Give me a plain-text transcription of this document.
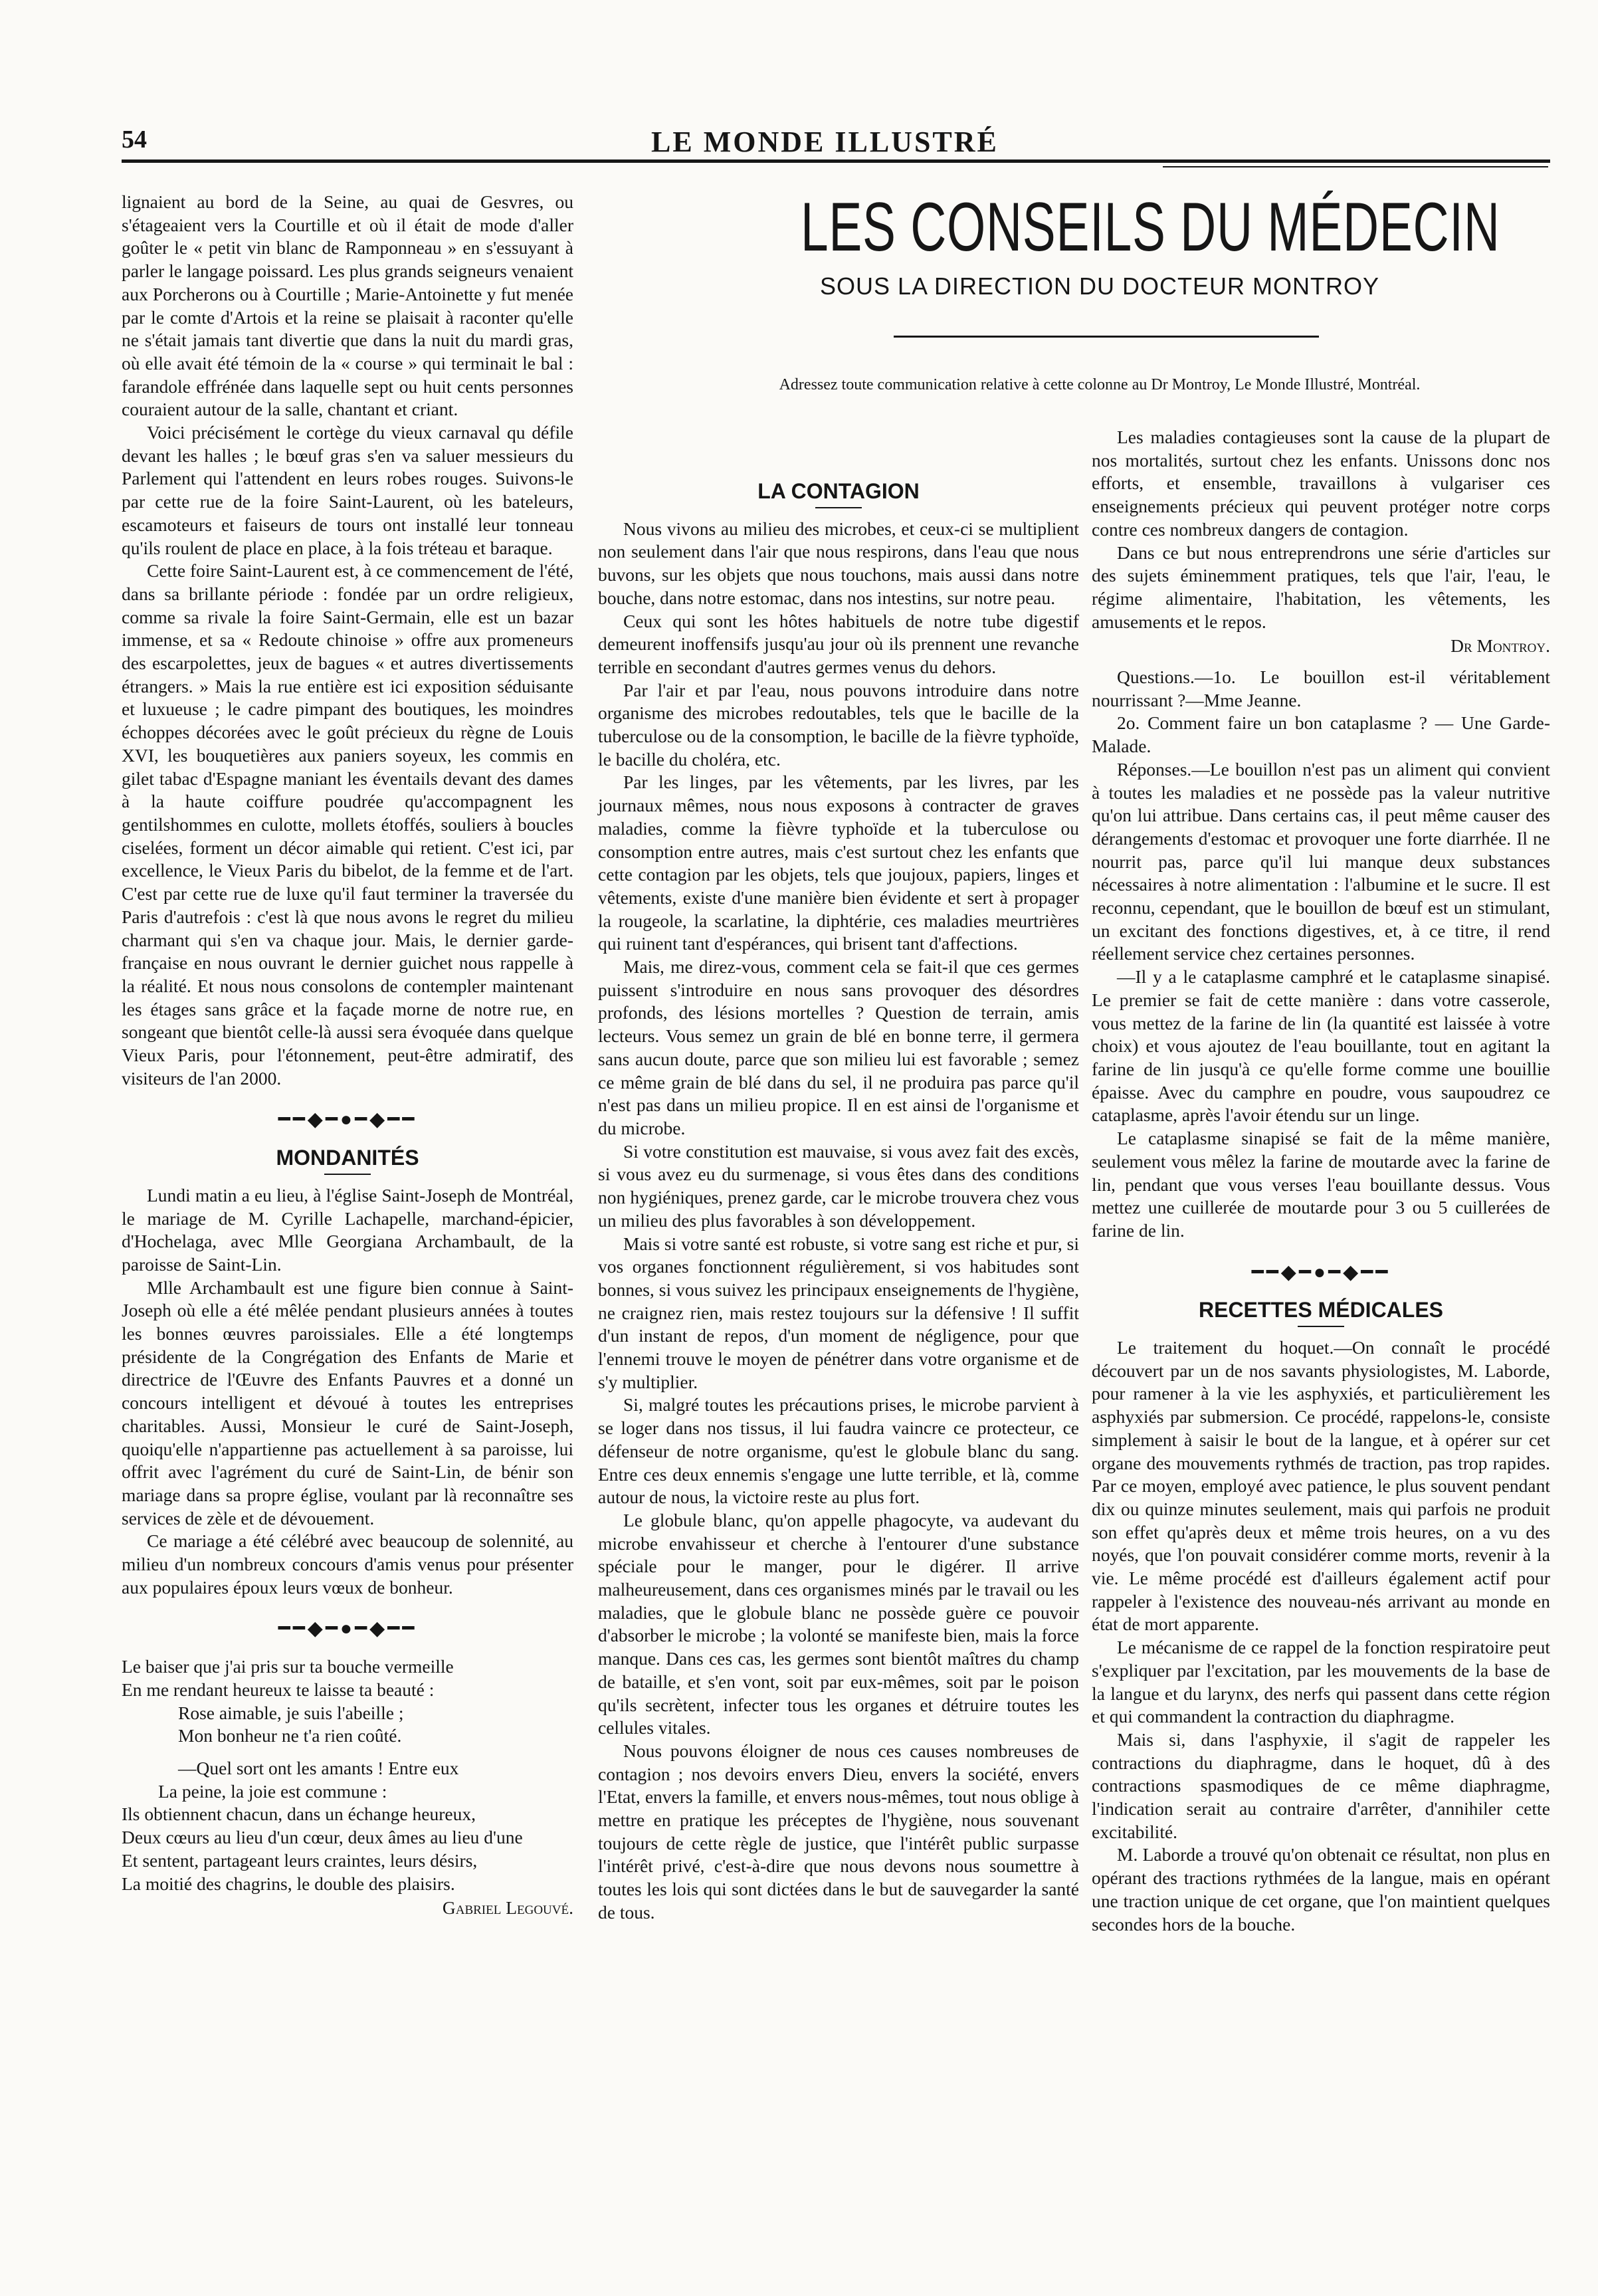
54	LE MONDE ILLUSTRÉ
LES CONSEILS DU MÉDECIN
SOUS LA DIRECTION DU DOCTEUR MONTROY
Adressez toute communication relative à cette colonne au Dr Montroy, Le Monde Illustré, Montréal.

lignaient au bord de la Seine, au quai de Gesvres, ou s'étageaient vers la Courtille et où il était de mode d'aller goûter le « petit vin blanc de Ramponneau » en s'essuyant à parler le langage poissard. Les plus grands seigneurs venaient aux Porcherons ou à Courtille ; Marie-Antoinette y fut menée par le comte d'Artois et la reine se plaisait à raconter qu'elle ne s'était jamais tant divertie que dans la nuit du mardi gras, où elle avait été témoin de la « course » qui terminait le bal : farandole effrénée dans laquelle sept ou huit cents personnes couraient autour de la salle, chantant et criant.

Voici précisément le cortège du vieux carnaval qu défile devant les halles ; le bœuf gras s'en va saluer messieurs du Parlement qui l'attendent en leurs robes rouges. Suivons-le par cette rue de la foire Saint-Laurent, où les bateleurs, escamoteurs et faiseurs de tours ont installé leur tonneau qu'ils roulent de place en place, à la fois tréteau et baraque.

Cette foire Saint-Laurent est, à ce commencement de l'été, dans sa brillante période : fondée par un ordre religieux, comme sa rivale la foire Saint-Germain, elle est un bazar immense, et sa « Redoute chinoise » offre aux promeneurs des escarpolettes, jeux de bagues « et autres divertissements étrangers. » Mais la rue entière est ici exposition séduisante et luxueuse ; le cadre pimpant des boutiques, les moindres échoppes décorées avec le goût précieux du règne de Louis XVI, les bouquetières aux paniers soyeux, les commis en gilet tabac d'Espagne maniant les éventails devant des dames à la haute coiffure poudrée qu'accompagnent les gentilshommes en culotte, mollets étoffés, souliers à boucles ciselées, forment un décor aimable qui retient. C'est ici, par excellence, le Vieux Paris du bibelot, de la femme et de l'art. C'est par cette rue de luxe qu'il faut terminer la traversée du Paris d'autrefois : c'est là que nous avons le regret du milieu charmant qui s'en va chaque jour. Mais, le dernier garde-française en nous ouvrant le dernier guichet nous rappelle à la réalité. Et nous nous consolons de contempler maintenant les étages sans grâce et la façade morne de notre rue, en songeant que bientôt celle-là aussi sera évoquée dans quelque Vieux Paris, pour l'étonnement, peut-être admiratif, des visiteurs de l'an 2000.

━━◆━●━◆━━
MONDANITÉS

Lundi matin a eu lieu, à l'église Saint-Joseph de Montréal, le mariage de M. Cyrille Lachapelle, marchand-épicier, d'Hochelaga, avec Mlle Georgiana Archambault, de la paroisse de Saint-Lin.

Mlle Archambault est une figure bien connue à Saint-Joseph où elle a été mêlée pendant plusieurs années à toutes les bonnes œuvres paroissiales. Elle a été longtemps présidente de la Congrégation des Enfants de Marie et directrice de l'Œuvre des Enfants Pauvres et a donné un concours intelligent et dévoué à toutes les entreprises charitables. Aussi, Monsieur le curé de Saint-Joseph, quoiqu'elle n'appartienne pas actuellement à sa paroisse, lui offrit avec l'agrément du curé de Saint-Lin, de bénir son mariage dans sa propre église, voulant par là reconnaître ses services de zèle et de dévouement.

Ce mariage a été célébré avec beaucoup de solennité, au milieu d'un nombreux concours d'amis venus pour présenter aux populaires époux leurs vœux de bonheur.

━━◆━●━◆━━
Le baiser que j'ai pris sur ta bouche vermeille
En me rendant heureux te laisse ta beauté :
Rose aimable, je suis l'abeille ;
Mon bonheur ne t'a rien coûté.
—Quel sort ont les amants ! Entre eux
La peine, la joie est commune :
Ils obtiennent chacun, dans un échange heureux,
Deux cœurs au lieu d'un cœur, deux âmes au lieu d'une
Et sentent, partageant leurs craintes, leurs désirs,
La moitié des chagrins, le double des plaisirs.
Gabriel Legouvé.
LA CONTAGION

Nous vivons au milieu des microbes, et ceux-ci se multiplient non seulement dans l'air que nous respirons, dans l'eau que nous buvons, sur les objets que nous touchons, mais aussi dans notre bouche, dans notre estomac, dans nos intestins, sur notre peau.

Ceux qui sont les hôtes habituels de notre tube digestif demeurent inoffensifs jusqu'au jour où ils prennent une revanche terrible en secondant d'autres germes venus du dehors.

Par l'air et par l'eau, nous pouvons introduire dans notre organisme des microbes redoutables, tels que le bacille de la tuberculose ou de la consomption, le bacille de la fièvre typhoïde, le bacille du choléra, etc.

Par les linges, par les vêtements, par les livres, par les journaux mêmes, nous nous exposons à contracter de graves maladies, comme la fièvre typhoïde et la tuberculose ou consomption entre autres, mais c'est surtout chez les enfants que cette contagion par les objets, tels que joujoux, papiers, linges et vêtements, existe d'une manière bien évidente et sert à propager la rougeole, la scarlatine, la diphtérie, ces maladies meurtrières qui ruinent tant d'espérances, qui brisent tant d'affections.

Mais, me direz-vous, comment cela se fait-il que ces germes puissent s'introduire en nous sans provoquer des désordres profonds, des lésions mortelles ? Question de terrain, amis lecteurs. Vous semez un grain de blé en bonne terre, il germera sans aucun doute, parce que son milieu lui est favorable ; semez ce même grain de blé dans du sel, il ne produira pas parce qu'il n'est pas dans un milieu propice. Il en est ainsi de l'organisme et du microbe.

Si votre constitution est mauvaise, si vous avez fait des excès, si vous avez eu du surmenage, si vous êtes dans des conditions non hygiéniques, prenez garde, car le microbe trouvera chez vous un milieu des plus favorables à son développement.

Mais si votre santé est robuste, si votre sang est riche et pur, si vos organes fonctionnent régulièrement, si vos habitudes sont bonnes, si vous suivez les principaux enseignements de l'hygiène, ne craignez rien, mais restez toujours sur la défensive ! Il suffit d'un instant de repos, d'un moment de négligence, pour que l'ennemi trouve le moyen de pénétrer dans votre organisme et de s'y multiplier.

Si, malgré toutes les précautions prises, le microbe parvient à se loger dans nos tissus, il lui faudra vaincre ce protecteur, ce défenseur de notre organisme, qu'est le globule blanc du sang. Entre ces deux ennemis s'engage une lutte terrible, et là, comme autour de nous, la victoire reste au plus fort.

Le globule blanc, qu'on appelle phagocyte, va audevant du microbe envahisseur et cherche à l'entourer d'une substance spéciale pour le manger, pour le digérer. Il arrive malheureusement, dans ces organismes minés par le travail ou les maladies, que le globule blanc ne possède guère ce pouvoir d'absorber le microbe ; la volonté se manifeste bien, mais la force manque. Dans ces cas, les germes sont bientôt maîtres du champ de bataille, et s'en vont, soit par eux-mêmes, soit par le poison qu'ils secrètent, infecter tous les organes et détruire toutes les cellules vitales.

Nous pouvons éloigner de nous ces causes nombreuses de contagion ; nos devoirs envers Dieu, envers la société, envers l'Etat, envers la famille, et envers nous-mêmes, tout nous oblige à mettre en pratique les préceptes de l'hygiène, nous souvenant toujours de cette règle de justice, que l'intérêt public surpasse l'intérêt privé, c'est-à-dire que nous devons nous soumettre à toutes les lois qui sont dictées dans le but de sauvegarder la santé de tous.

Les maladies contagieuses sont la cause de la plupart de nos mortalités, surtout chez les enfants. Unissons donc nos efforts, et ensemble, travaillons à vulgariser ces enseignements précieux qui peuvent protéger notre corps contre ces nombreux dangers de contagion.

Dans ce but nous entreprendrons une série d'articles sur des sujets éminemment pratiques, tels que l'air, l'eau, le régime alimentaire, l'habitation, les vêtements, les amusements et le repos.

Dr Montroy.

Questions.—1o. Le bouillon est-il véritablement nourrissant ?—Mme Jeanne.

2o. Comment faire un bon cataplasme ? — Une Garde-Malade.

Réponses.—Le bouillon n'est pas un aliment qui convient à toutes les maladies et ne possède pas la valeur nutritive qu'on lui attribue. Dans certains cas, il peut même causer des dérangements d'estomac et provoquer une forte diarrhée. Il ne nourrit pas, parce qu'il lui manque deux substances nécessaires à notre alimentation : l'albumine et le sucre. Il est reconnu, cependant, que le bouillon de bœuf est un stimulant, un excitant des fonctions digestives, et, à ce titre, il rend réellement service chez certaines personnes.

—Il y a le cataplasme camphré et le cataplasme sinapisé. Le premier se fait de cette manière : dans votre casserole, vous mettez de la farine de lin (la quantité est laissée à votre choix) et vous ajoutez de l'eau bouillante, tout en agitant la farine de lin jusqu'à ce qu'elle forme comme une bouillie épaisse. Avec du camphre en poudre, vous saupoudrez ce cataplasme, après l'avoir étendu sur un linge.

Le cataplasme sinapisé se fait de la même manière, seulement vous mêlez la farine de moutarde avec la farine de lin, pendant que vous verses l'eau bouillante dessus. Vous mettez une cuillerée de moutarde pour 3 ou 5 cuillerées de farine de lin.

━━◆━●━◆━━
RECETTES MÉDICALES

Le traitement du hoquet.—On connaît le procédé découvert par un de nos savants physiologistes, M. Laborde, pour ramener à la vie les asphyxiés, et particulièrement les asphyxiés par submersion. Ce procédé, rappelons-le, consiste simplement à saisir le bout de la langue, et à opérer sur cet organe des mouvements rythmés de traction, pas trop rapides. Par ce moyen, employé avec patience, le plus souvent pendant dix ou quinze minutes seulement, mais qui parfois ne produit son effet qu'après deux et même trois heures, on a vu des noyés, que l'on pouvait considérer comme morts, revenir à la vie. Le même procédé est d'ailleurs également actif pour rappeler à l'existence des nouveau-nés arrivant au monde en état de mort apparente.

Le mécanisme de ce rappel de la fonction respiratoire peut s'expliquer par l'excitation, par les mouvements de la base de la langue et du larynx, des nerfs qui passent dans cette région et qui commandent la contraction du diaphragme.

Mais si, dans l'asphyxie, il s'agit de rappeler les contractions du diaphragme, dans le hoquet, dû à des contractions spasmodiques de ce même diaphragme, l'indication serait au contraire d'arrêter, d'annihiler cette excitabilité.

M. Laborde a trouvé qu'on obtenait ce résultat, non plus en opérant des tractions rythmées de la langue, mais en opérant une traction unique de cet organe, que l'on maintient quelques secondes hors de la bouche.
